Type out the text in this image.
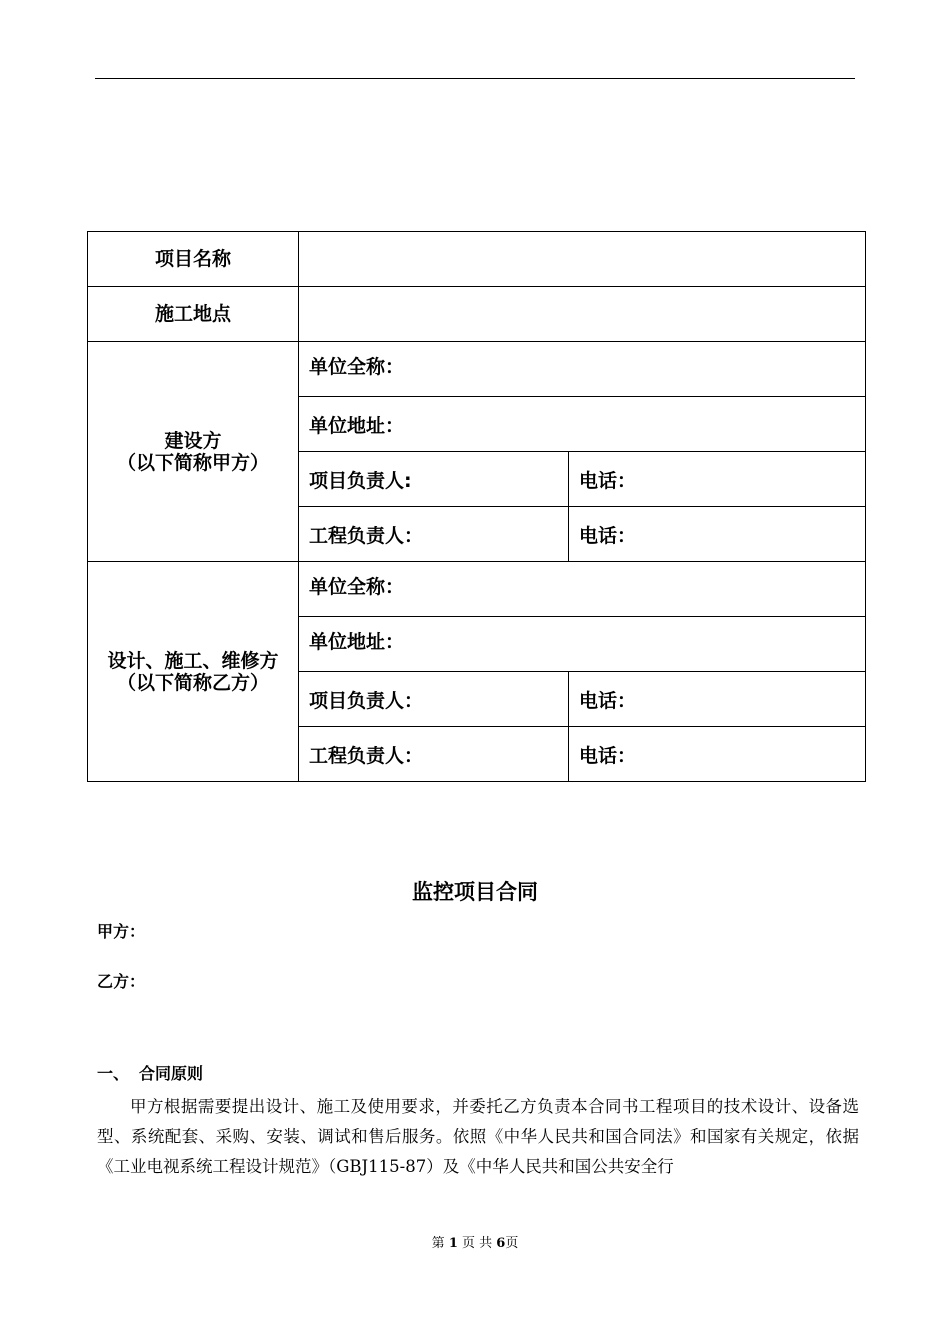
项目名称		
施工地点		

建设方
（以下简称甲方）	单位全称：	
	单位地址：	
	项目负责人:	电话：
	工程负责人：	电话：

设计、施工、维修方
（以下简称乙方）	单位全称：	
	单位地址：	
	项目负责人：	电话：
	工程负责人：	电话：
监控项目合同
甲方：
乙方：
一、 合同原则
甲方根据需要提出设计、施工及使用要求，并委托乙方负责本合同书工程项目的技术设计、设备选型、系统配套、采购、安装、调试和售后服务。依照《中华人民共和国合同法》和国家有关规定，依据《工业电视系统工程设计规范》（GBJ115-87）及《中华人民共和国公共安全行
第 1 页 共 6页
